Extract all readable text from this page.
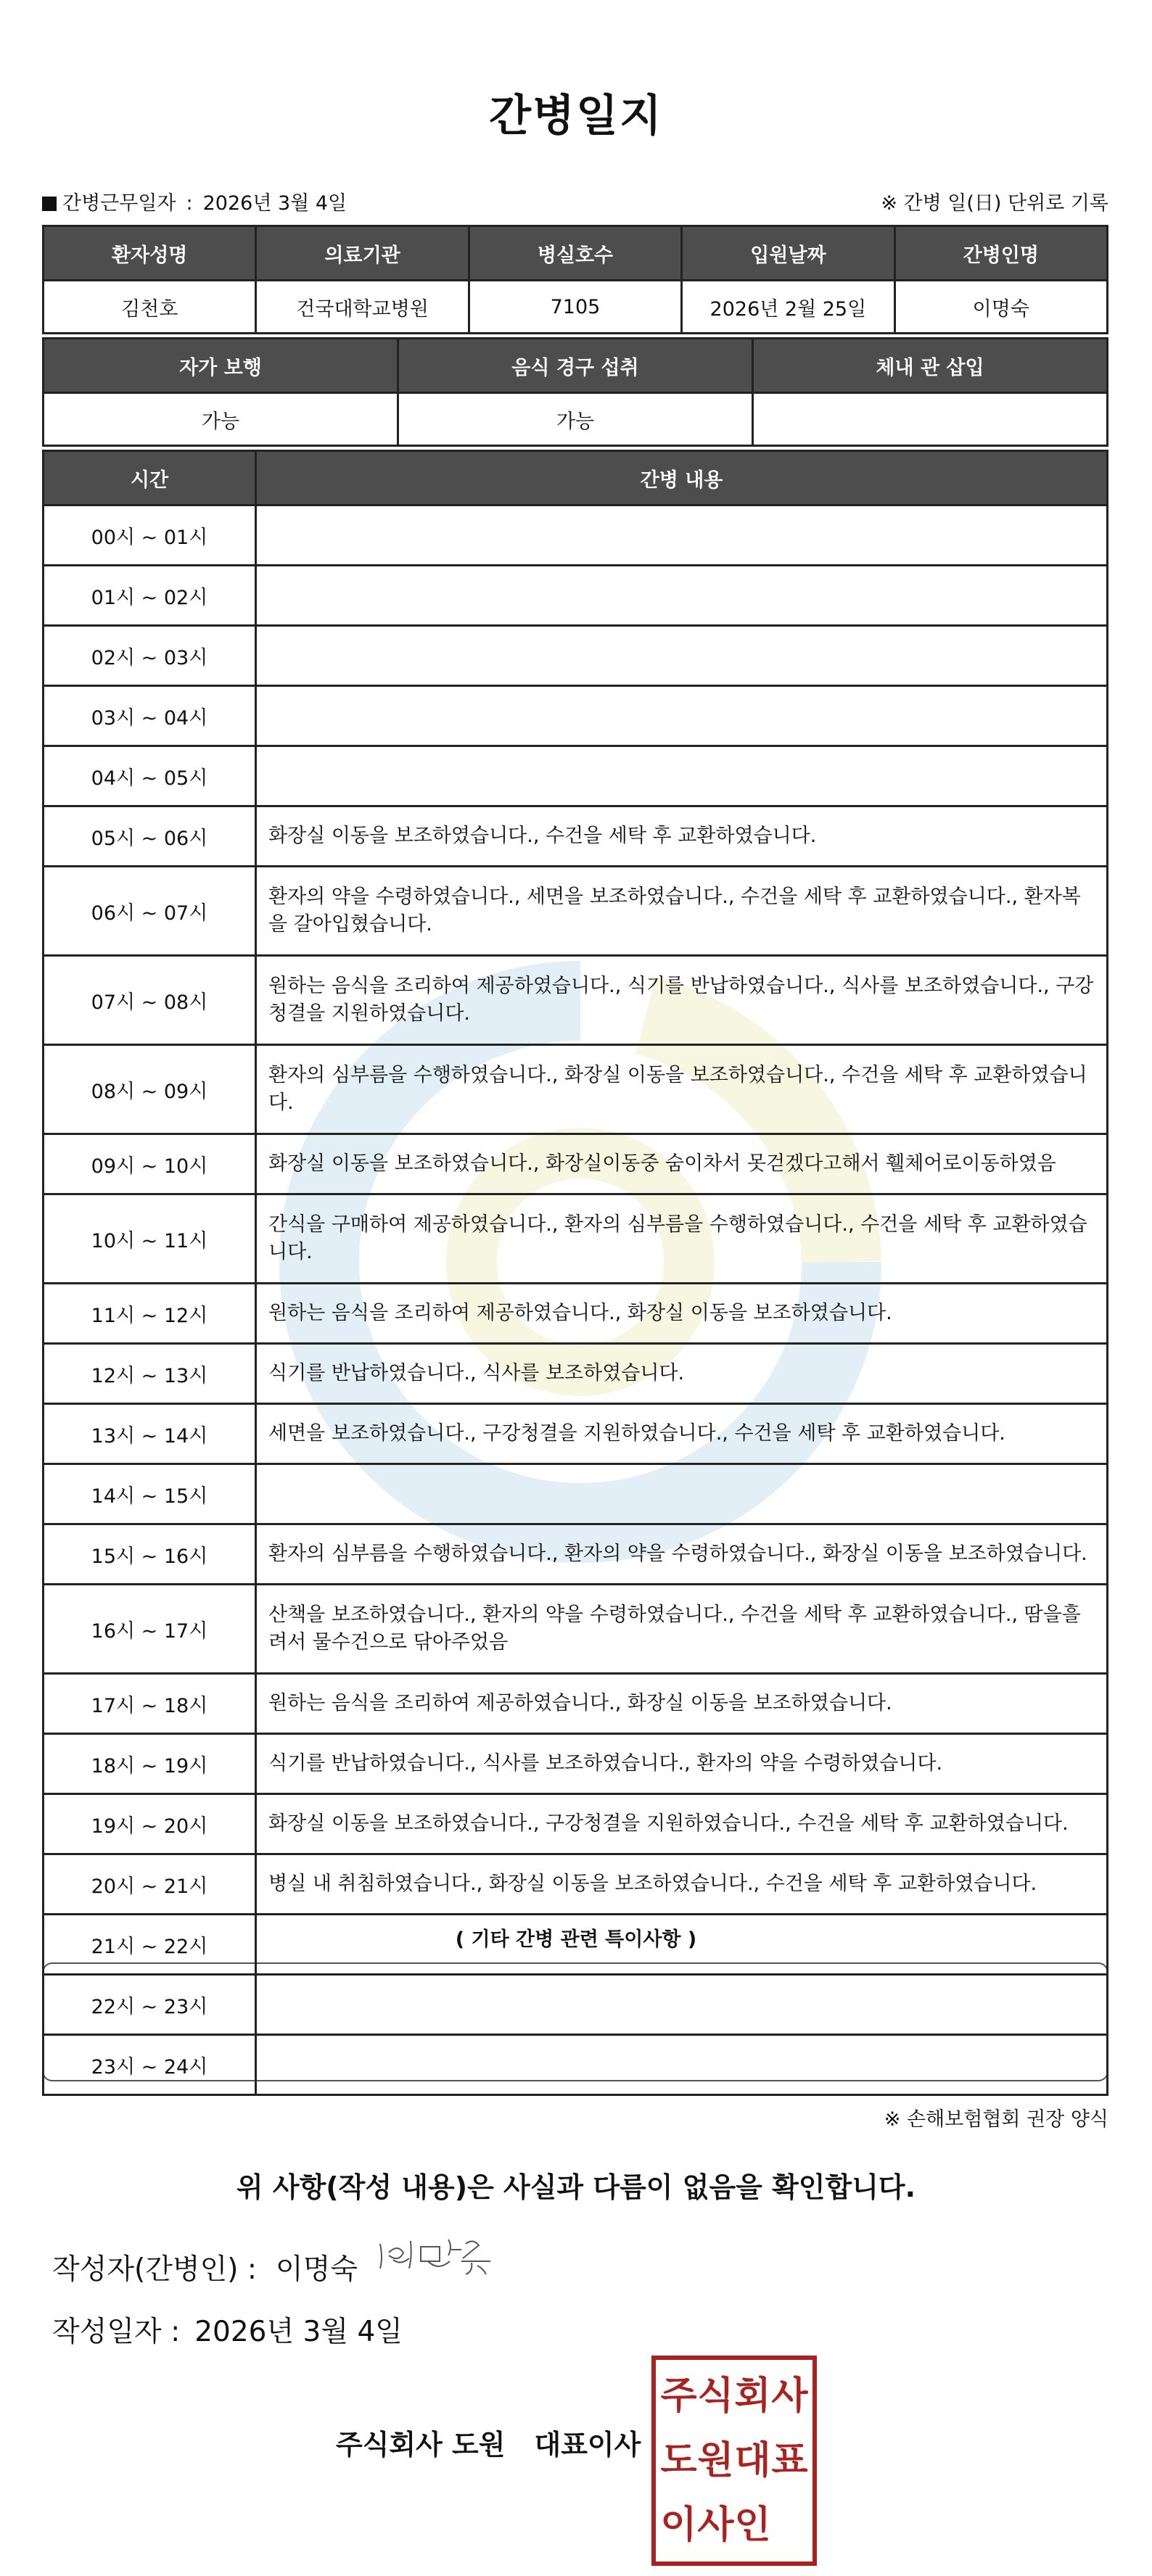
간병일지
간병근무일자 : 2026년 3월 4일	※ 간병 일(日) 단위로 기록
환자성명	의료기관	병실호수	입원날짜	간병인명
김천호	건국대학교병원	7105	2026년 2월 25일	이명숙
자가 보행	음식 경구 섭취	체내 관 삽입
가능	가능	
시간	간병 내용
00시 ~ 01시	
01시 ~ 02시	
02시 ~ 03시	
03시 ~ 04시	
04시 ~ 05시	
05시 ~ 06시	화장실 이동을 보조하였습니다., 수건을 세탁 후 교환하였습니다.
06시 ~ 07시	환자의 약을 수령하였습니다., 세면을 보조하였습니다., 수건을 세탁 후 교환하였습니다., 환자복을 갈아입혔습니다.
07시 ~ 08시	원하는 음식을 조리하여 제공하였습니다., 식기를 반납하였습니다., 식사를 보조하였습니다., 구강청결을 지원하였습니다.
08시 ~ 09시	환자의 심부름을 수행하였습니다., 화장실 이동을 보조하였습니다., 수건을 세탁 후 교환하였습니다.
09시 ~ 10시	화장실 이동을 보조하였습니다., 화장실이동중 숨이차서 못걷겠다고해서 휄체어로이동하였음
10시 ~ 11시	간식을 구매하여 제공하였습니다., 환자의 심부름을 수행하였습니다., 수건을 세탁 후 교환하였습니다.
11시 ~ 12시	원하는 음식을 조리하여 제공하였습니다., 화장실 이동을 보조하였습니다.
12시 ~ 13시	식기를 반납하였습니다., 식사를 보조하였습니다.
13시 ~ 14시	세면을 보조하였습니다., 구강청결을 지원하였습니다., 수건을 세탁 후 교환하였습니다.
14시 ~ 15시	
15시 ~ 16시	환자의 심부름을 수행하였습니다., 환자의 약을 수령하였습니다., 화장실 이동을 보조하였습니다.
16시 ~ 17시	산책을 보조하였습니다., 환자의 약을 수령하였습니다., 수건을 세탁 후 교환하였습니다., 땀을흘려서 물수건으로 닦아주었음
17시 ~ 18시	원하는 음식을 조리하여 제공하였습니다., 화장실 이동을 보조하였습니다.
18시 ~ 19시	식기를 반납하였습니다., 식사를 보조하였습니다., 환자의 약을 수령하였습니다.
19시 ~ 20시	화장실 이동을 보조하였습니다., 구강청결을 지원하였습니다., 수건을 세탁 후 교환하였습니다.
20시 ~ 21시	병실 내 취침하였습니다., 화장실 이동을 보조하였습니다., 수건을 세탁 후 교환하였습니다.
21시 ~ 22시	
22시 ~ 23시	
23시 ~ 24시	
( 기타 간병 관련 특이사항 )
※ 손해보험협회 권장 양식
위 사항(작성 내용)은 사실과 다름이 없음을 확인합니다.
작성자(간병인) : 이명숙
작성일자 : 2026년 3월 4일
주식회사 도원 대표이사
주 식 회 사
도 원 대 표
이 사 인
